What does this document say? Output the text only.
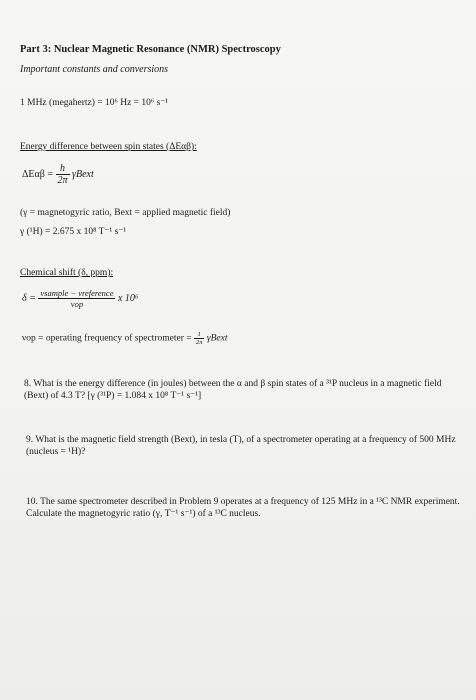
Part 3: Nuclear Magnetic Resonance (NMR) Spectroscopy
Important constants and conversions
1 MHz (megahertz) = 10⁶ Hz = 10⁶ s⁻¹
Energy difference between spin states (ΔEαβ):
$\Delta E\alpha\beta = \frac{h}{2\pi}$ γBext
(γ = magnetogyric ratio, Bext = applied magnetic field)
γ (¹H) = 2.675 x 10⁸ T⁻¹ s⁻¹
Chemical shift (δ, ppm):
$\delta = \frac{\text{νsample − νreference}}{\text{νop}}$ x 10⁶
νop = operating frequency of spectrometer = $\frac{1}{2\pi}$ γBext
8. What is the energy difference (in joules) between the α and β spin states of a ³¹P nucleus in a magnetic field (Bext) of 4.3 T? [γ (³¹P) = 1.084 x 10⁸ T⁻¹ s⁻¹]
9. What is the magnetic field strength (Bext), in tesla (T), of a spectrometer operating at a frequency of 500 MHz (nucleus = ¹H)?
10. The same spectrometer described in Problem 9 operates at a frequency of 125 MHz in a ¹³C NMR experiment. Calculate the magnetogyric ratio (γ, T⁻¹ s⁻¹) of a ¹³C nucleus.
